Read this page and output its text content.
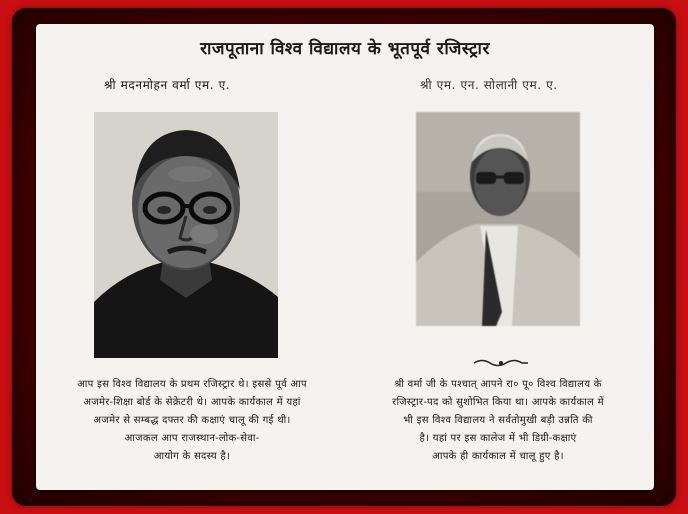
राजपूताना विश्व विद्यालय के भूतपूर्व रजिस्ट्रार
श्री मदनमोहन वर्मा एम. ए.	श्री एम. एन. सोलानी एम. ए.
आप इस विश्व विद्यालय के प्रथम रजिस्ट्रार थे। इससे पूर्व आप
अजमेर-शिक्षा बोर्ड के सेक्रेटरी थे। आपके कार्यकाल में यहां
अजमेर से सम्बद्ध दफ्तर की कक्षाएं चालू की गई थी।
आजकल आप राजस्थान-लोक-सेवा-
आयोग के सदस्य है।
श्री वर्मा जी के पश्चात् आपने रा० पू० विश्व विद्यालय के
रजिस्ट्रार-पद को सुशोभित किया था। आपके कार्यकाल में
भी इस विश्व विद्यालय ने सर्वतोमुखी बड़ी उन्नति की
है। यहां पर इस कालेज में भी डिग्री-कक्षाएं
आपके ही कार्यकाल में चालू हुए है।
